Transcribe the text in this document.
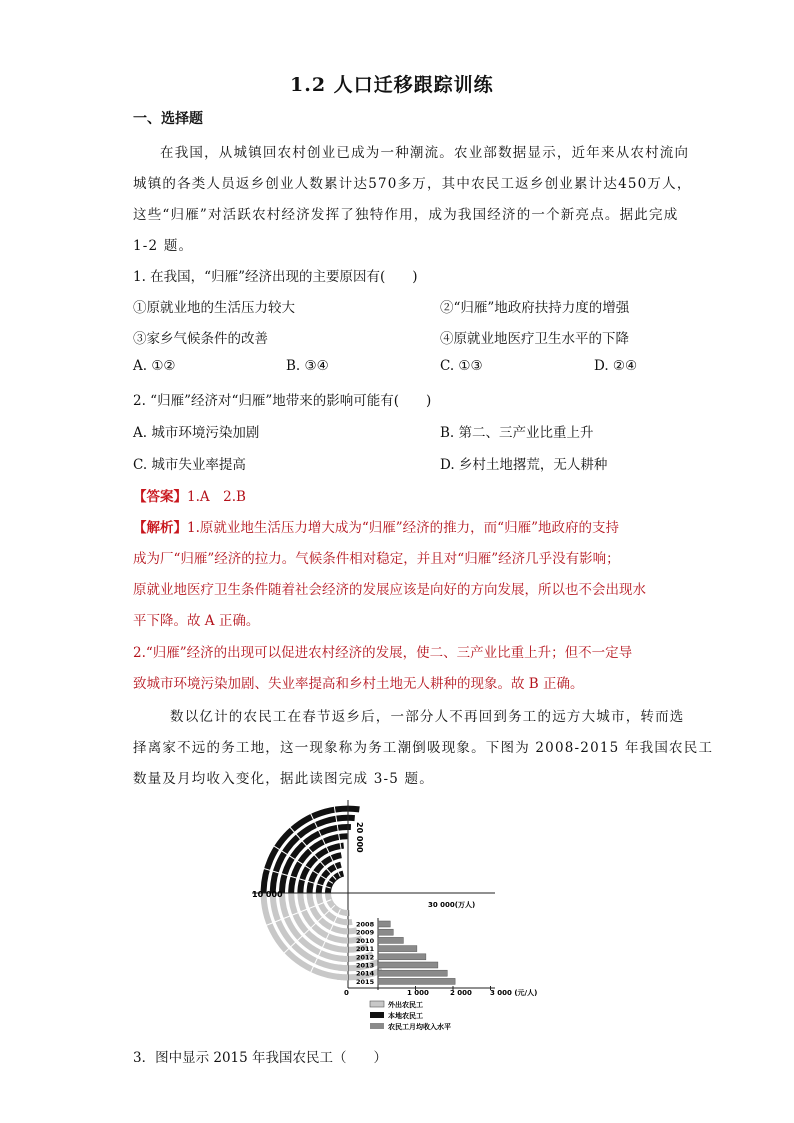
1.2 人口迁移跟踪训练
一、选择题
在我国，从城镇回农村创业已成为一种潮流。农业部数据显示，近年来从农村流向
城镇的各类人员返乡创业人数累计达570多万，其中农民工返乡创业累计达450万人，
这些“归雁”对活跃农村经济发挥了独特作用，成为我国经济的一个新亮点。据此完成
1-2 题。
1. 在我国，“归雁”经济出现的主要原因有(　　)
①原就业地的生活压力较大	②“归雁”地政府扶持力度的增强
③家乡气候条件的改善	④原就业地医疗卫生水平的下降
A. ①②	B. ③④	C. ①③	D. ②④
2. “归雁”经济对“归雁”地带来的影响可能有(　　)
A. 城市环境污染加剧	B. 第二、三产业比重上升
C. 城市失业率提高	D. 乡村土地撂荒，无人耕种
【答案】1.A　2.B
【解析】1.原就业地生活压力增大成为“归雁”经济的推力，而“归雁”地政府的支持
成为厂“归雁”经济的拉力。气候条件相对稳定，并且对“归雁”经济几乎没有影响；
原就业地医疗卫生条件随着社会经济的发展应该是向好的方向发展，所以也不会出现水
平下降。故 A 正确。
2.“归雁”经济的出现可以促进农村经济的发展，使二、三产业比重上升；但不一定导
致城市环境污染加剧、失业率提高和乡村土地无人耕种的现象。故 B 正确。
数以亿计的农民工在春节返乡后，一部分人不再回到务工的远方大城市，转而选
择离家不远的务工地，这一现象称为务工潮倒吸现象。下图为 2008-2015 年我国农民工
数量及月均收入变化，据此读图完成 3-5 题。
2008
2009
2010
2011
2012
2013
2014
2015
20 000
10 000
30 000(万人)
0	1 000	2 000	3 000 (元/人)
外出农民工
本地农民工
农民工月均收入水平
3．图中显示 2015 年我国农民工（　　）
